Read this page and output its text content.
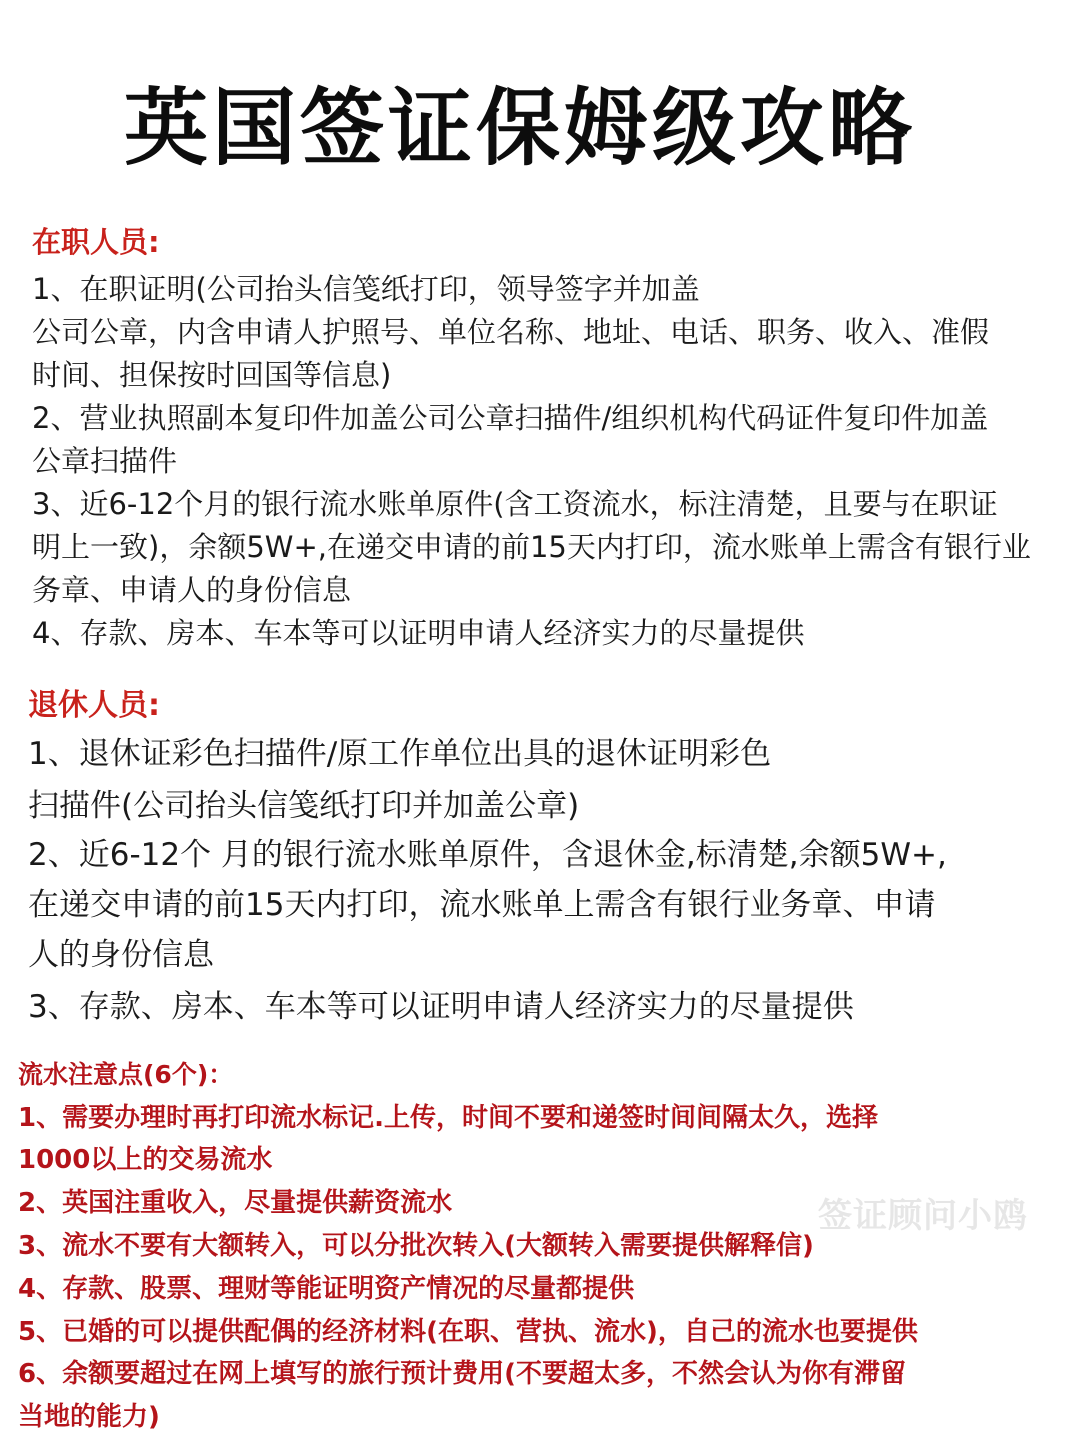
英国签证保姆级攻略
在职人员:
1、在职证明(公司抬头信笺纸打印，领导签字并加盖
公司公章，内含申请人护照号、单位名称、地址、电话、职务、收入、准假
时间、担保按时回国等信息)
2、营业执照副本复印件加盖公司公章扫描件/组织机构代码证件复印件加盖
公章扫描件
3、近6-12个月的银行流水账单原件(含工资流水，标注清楚，且要与在职证
明上一致)，余额5W+,在递交申请的前15天内打印，流水账单上需含有银行业
务章、申请人的身份信息
4、存款、房本、车本等可以证明申请人经济实力的尽量提供
退休人员:
1、退休证彩色扫描件/原工作单位出具的退休证明彩色
扫描件(公司抬头信笺纸打印并加盖公章)
2、近6-12个 月的银行流水账单原件，含退休金,标清楚,余额5W+,
在递交申请的前15天内打印，流水账单上需含有银行业务章、申请
人的身份信息
3、存款、房本、车本等可以证明申请人经济实力的尽量提供
签证顾问小鸥
流水注意点(6个)：
1、需要办理时再打印流水标记.上传，时间不要和递签时间间隔太久，选择
1000以上的交易流水
2、英国注重收入，尽量提供薪资流水
3、流水不要有大额转入，可以分批次转入(大额转入需要提供解释信)
4、存款、股票、理财等能证明资产情况的尽量都提供
5、已婚的可以提供配偶的经济材料(在职、营执、流水)，自己的流水也要提供
6、余额要超过在网上填写的旅行预计费用(不要超太多，不然会认为你有滞留
当地的能力)
